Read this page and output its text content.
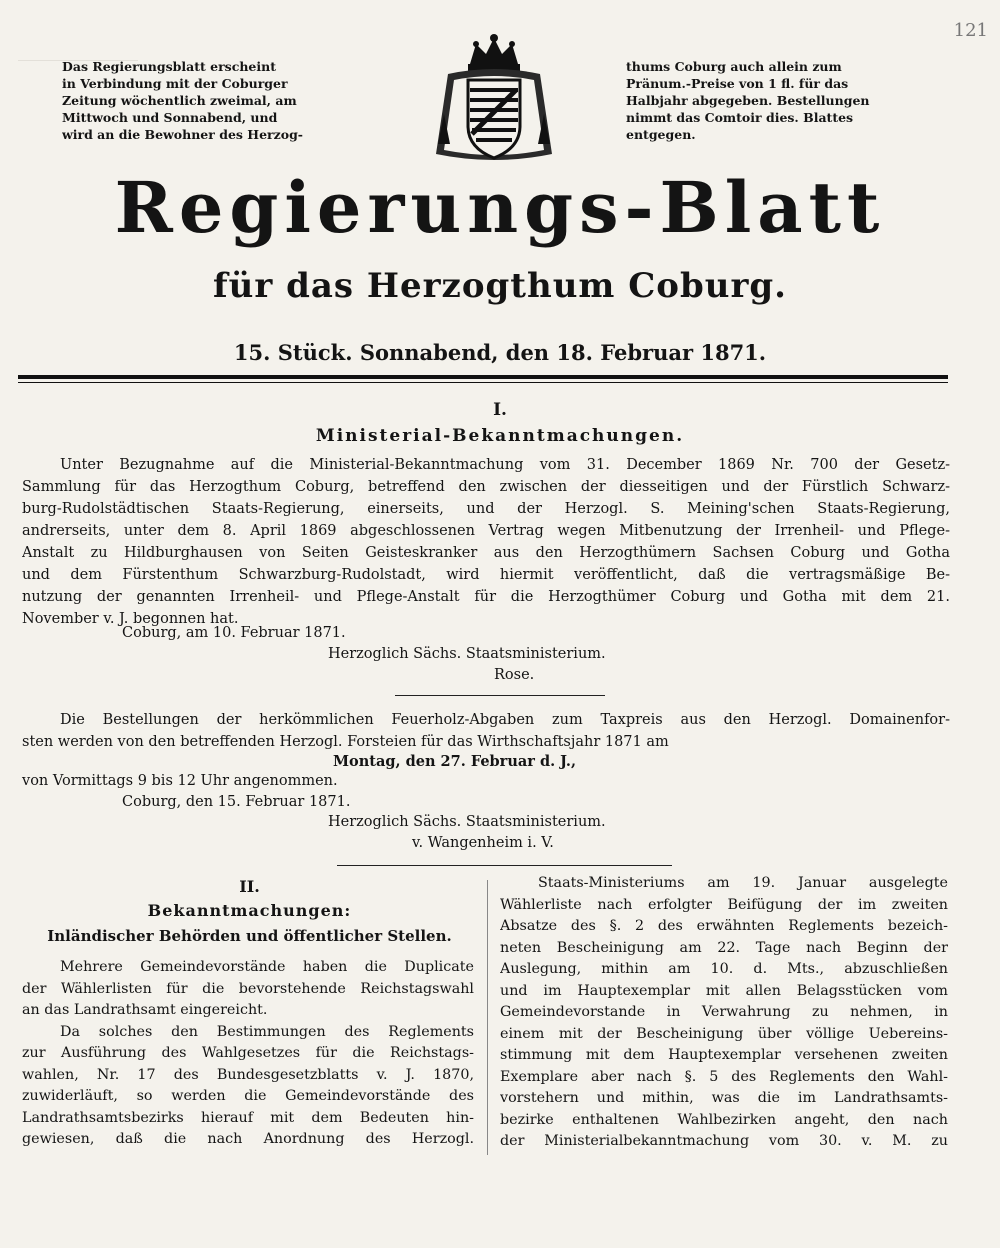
121
Das Regierungsblatt erscheint
in Verbindung mit der Coburger
Zeitung wöchentlich zweimal, am
Mittwoch und Sonnabend, und
wird an die Bewohner des Herzog-
thums Coburg auch allein zum
Pränum.-Preise von 1 fl. für das
Halbjahr abgegeben. Bestellungen
nimmt das Comtoir dies. Blattes
entgegen.
Regierungs-Blatt
für das Herzogthum Coburg.
15. Stück. Sonnabend, den 18. Februar 1871.
I.
Ministerial-Bekanntmachungen.
Unter Bezugnahme auf die Ministerial-Bekanntmachung vom 31. December 1869 Nr. 700 der Gesetz-
Sammlung für das Herzogthum Coburg, betreffend den zwischen der diesseitigen und der Fürstlich Schwarz-
burg-Rudolstädtischen Staats-Regierung, einerseits, und der Herzogl. S. Meining'schen Staats-Regierung,
andrerseits, unter dem 8. April 1869 abgeschlossenen Vertrag wegen Mitbenutzung der Irrenheil- und Pflege-
Anstalt zu Hildburghausen von Seiten Geisteskranker aus den Herzogthümern Sachsen Coburg und Gotha
und dem Fürstenthum Schwarzburg-Rudolstadt, wird hiermit veröffentlicht, daß die vertragsmäßige Be-
nutzung der genannten Irrenheil- und Pflege-Anstalt für die Herzogthümer Coburg und Gotha mit dem 21.
November v. J. begonnen hat.
Coburg, am 10. Februar 1871.
Herzoglich Sächs. Staatsministerium.
Rose.
Die Bestellungen der herkömmlichen Feuerholz-Abgaben zum Taxpreis aus den Herzogl. Domainenfor-
sten werden von den betreffenden Herzogl. Forsteien für das Wirthschaftsjahr 1871 am
Montag, den 27. Februar d. J.,
von Vormittags 9 bis 12 Uhr angenommen.
Coburg, den 15. Februar 1871.
Herzoglich Sächs. Staatsministerium.
v. Wangenheim i. V.
II.
Bekanntmachungen:
Inländischer Behörden und öffentlicher Stellen.
Mehrere Gemeindevorstände haben die Duplicate
der Wählerlisten für die bevorstehende Reichstagswahl
an das Landrathsamt eingereicht.
Da solches den Bestimmungen des Reglements
zur Ausführung des Wahlgesetzes für die Reichstags-
wahlen, Nr. 17 des Bundesgesetzblatts v. J. 1870,
zuwiderläuft, so werden die Gemeindevorstände des
Landrathsamtsbezirks hierauf mit dem Bedeuten hin-
gewiesen, daß die nach Anordnung des Herzogl.
Staats-Ministeriums am 19. Januar ausgelegte
Wählerliste nach erfolgter Beifügung der im zweiten
Absatze des §. 2 des erwähnten Reglements bezeich-
neten Bescheinigung am 22. Tage nach Beginn der
Auslegung, mithin am 10. d. Mts., abzuschließen
und im Hauptexemplar mit allen Belagsstücken vom
Gemeindevorstande in Verwahrung zu nehmen, in
einem mit der Bescheinigung über völlige Uebereins-
stimmung mit dem Hauptexemplar versehenen zweiten
Exemplare aber nach §. 5 des Reglements den Wahl-
vorstehern und mithin, was die im Landrathsamts-
bezirke enthaltenen Wahlbezirken angeht, den nach
der Ministerialbekanntmachung vom 30. v. M. zu
